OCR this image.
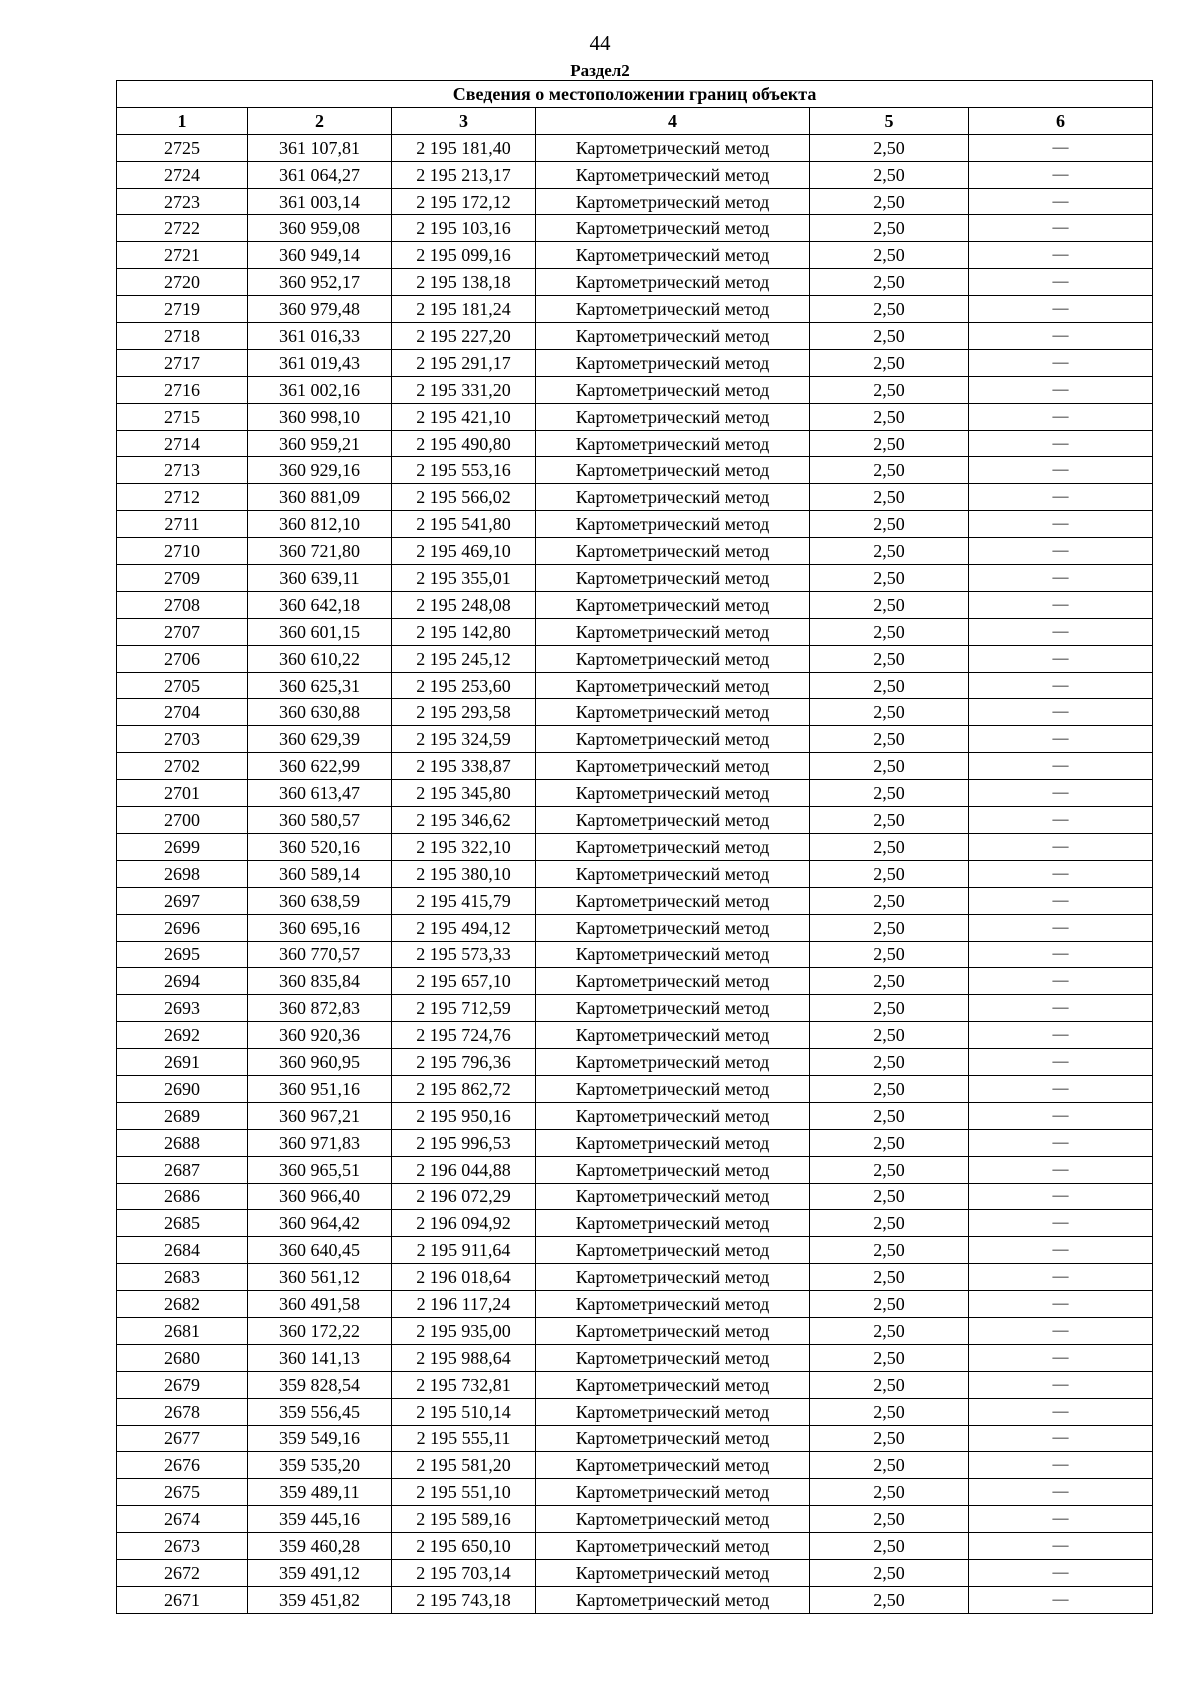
44
Раздел2
Сведения о местоположении границ объекта					
1	2	3	4	5	6
2725	361 107,81	2 195 181,40	Картометрический метод	2,50	—
2724	361 064,27	2 195 213,17	Картометрический метод	2,50	—
2723	361 003,14	2 195 172,12	Картометрический метод	2,50	—
2722	360 959,08	2 195 103,16	Картометрический метод	2,50	—
2721	360 949,14	2 195 099,16	Картометрический метод	2,50	—
2720	360 952,17	2 195 138,18	Картометрический метод	2,50	—
2719	360 979,48	2 195 181,24	Картометрический метод	2,50	—
2718	361 016,33	2 195 227,20	Картометрический метод	2,50	—
2717	361 019,43	2 195 291,17	Картометрический метод	2,50	—
2716	361 002,16	2 195 331,20	Картометрический метод	2,50	—
2715	360 998,10	2 195 421,10	Картометрический метод	2,50	—
2714	360 959,21	2 195 490,80	Картометрический метод	2,50	—
2713	360 929,16	2 195 553,16	Картометрический метод	2,50	—
2712	360 881,09	2 195 566,02	Картометрический метод	2,50	—
2711	360 812,10	2 195 541,80	Картометрический метод	2,50	—
2710	360 721,80	2 195 469,10	Картометрический метод	2,50	—
2709	360 639,11	2 195 355,01	Картометрический метод	2,50	—
2708	360 642,18	2 195 248,08	Картометрический метод	2,50	—
2707	360 601,15	2 195 142,80	Картометрический метод	2,50	—
2706	360 610,22	2 195 245,12	Картометрический метод	2,50	—
2705	360 625,31	2 195 253,60	Картометрический метод	2,50	—
2704	360 630,88	2 195 293,58	Картометрический метод	2,50	—
2703	360 629,39	2 195 324,59	Картометрический метод	2,50	—
2702	360 622,99	2 195 338,87	Картометрический метод	2,50	—
2701	360 613,47	2 195 345,80	Картометрический метод	2,50	—
2700	360 580,57	2 195 346,62	Картометрический метод	2,50	—
2699	360 520,16	2 195 322,10	Картометрический метод	2,50	—
2698	360 589,14	2 195 380,10	Картометрический метод	2,50	—
2697	360 638,59	2 195 415,79	Картометрический метод	2,50	—
2696	360 695,16	2 195 494,12	Картометрический метод	2,50	—
2695	360 770,57	2 195 573,33	Картометрический метод	2,50	—
2694	360 835,84	2 195 657,10	Картометрический метод	2,50	—
2693	360 872,83	2 195 712,59	Картометрический метод	2,50	—
2692	360 920,36	2 195 724,76	Картометрический метод	2,50	—
2691	360 960,95	2 195 796,36	Картометрический метод	2,50	—
2690	360 951,16	2 195 862,72	Картометрический метод	2,50	—
2689	360 967,21	2 195 950,16	Картометрический метод	2,50	—
2688	360 971,83	2 195 996,53	Картометрический метод	2,50	—
2687	360 965,51	2 196 044,88	Картометрический метод	2,50	—
2686	360 966,40	2 196 072,29	Картометрический метод	2,50	—
2685	360 964,42	2 196 094,92	Картометрический метод	2,50	—
2684	360 640,45	2 195 911,64	Картометрический метод	2,50	—
2683	360 561,12	2 196 018,64	Картометрический метод	2,50	—
2682	360 491,58	2 196 117,24	Картометрический метод	2,50	—
2681	360 172,22	2 195 935,00	Картометрический метод	2,50	—
2680	360 141,13	2 195 988,64	Картометрический метод	2,50	—
2679	359 828,54	2 195 732,81	Картометрический метод	2,50	—
2678	359 556,45	2 195 510,14	Картометрический метод	2,50	—
2677	359 549,16	2 195 555,11	Картометрический метод	2,50	—
2676	359 535,20	2 195 581,20	Картометрический метод	2,50	—
2675	359 489,11	2 195 551,10	Картометрический метод	2,50	—
2674	359 445,16	2 195 589,16	Картометрический метод	2,50	—
2673	359 460,28	2 195 650,10	Картометрический метод	2,50	—
2672	359 491,12	2 195 703,14	Картометрический метод	2,50	—
2671	359 451,82	2 195 743,18	Картометрический метод	2,50	—
